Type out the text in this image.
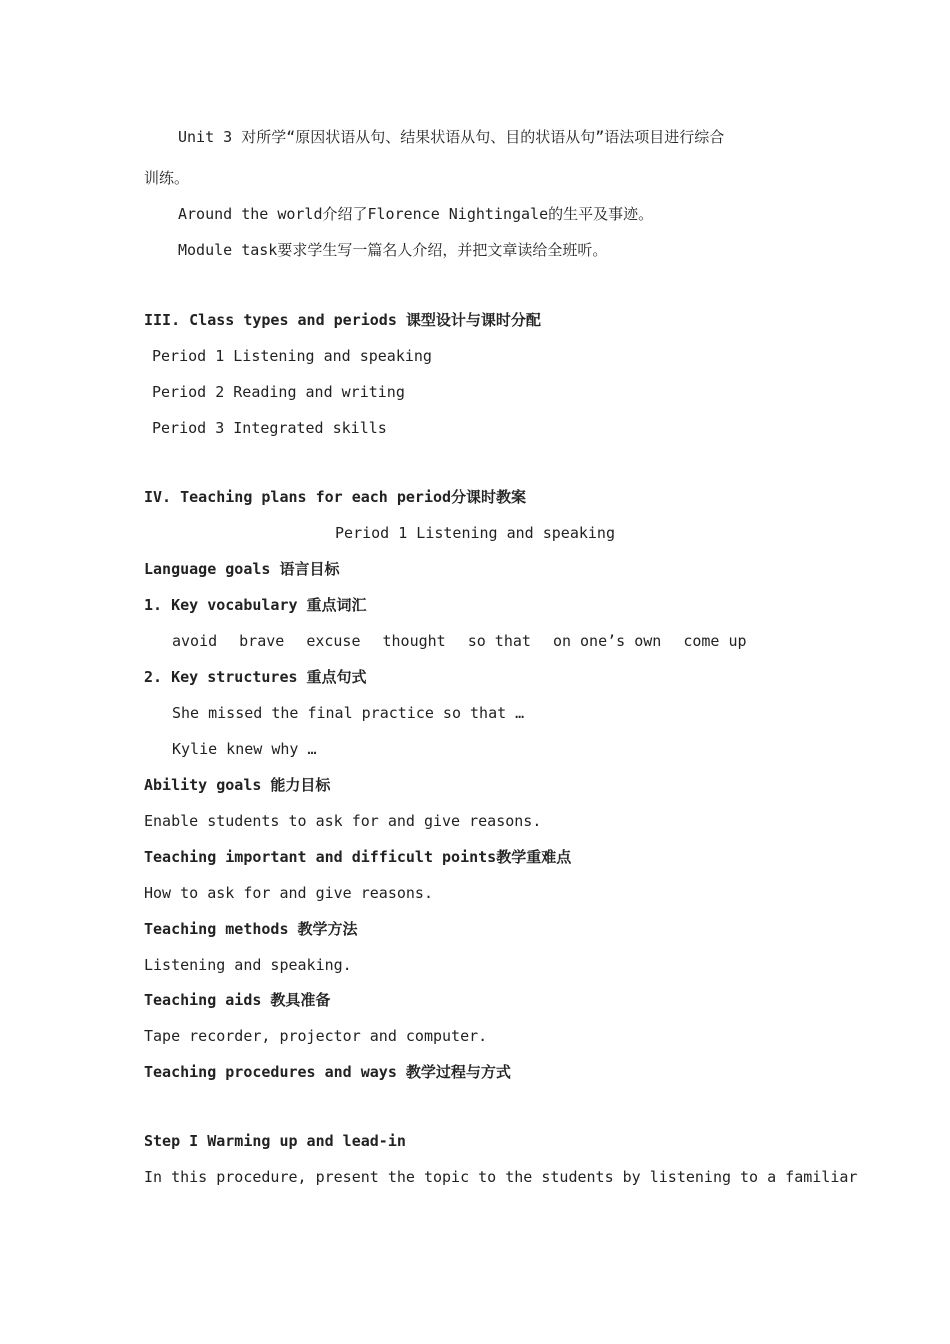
Unit 3 对所学“原因状语从句、结果状语从句、目的状语从句”语法项目进行综合

训练。

Around the world介绍了Florence Nightingale的生平及事迹。

Module task要求学生写一篇名人介绍，并把文章读给全班听。

III. Class types and periods 课型设计与课时分配

Period 1 Listening and speaking

Period 2 Reading and writing

Period 3 Integrated skills

IV. Teaching plans for each period分课时教案

Period 1 Listening and speaking

Language goals 语言目标

1. Key vocabulary 重点词汇

avoid brave excuse thought so that on one’s own come up

2. Key structures 重点句式

She missed the final practice so that …

Kylie knew why …

Ability goals 能力目标

Enable students to ask for and give reasons.

Teaching important and difficult points教学重难点

How to ask for and give reasons.

Teaching methods 教学方法

Listening and speaking.

Teaching aids 教具准备

Tape recorder, projector and computer.

Teaching procedures and ways 教学过程与方式

Step I Warming up and lead-in

In this procedure, present the topic to the students by listening to a familiar
